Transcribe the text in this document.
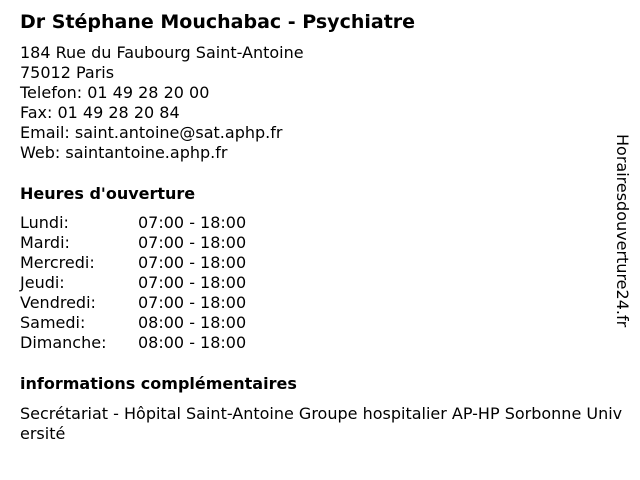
Dr Stéphane Mouchabac - Psychiatre
184 Rue du Faubourg Saint-Antoine
75012 Paris
Telefon: 01 49 28 20 00
Fax: 01 49 28 20 84
Email: saint.antoine@sat.aphp.fr
Web: saintantoine.aphp.fr
Heures d'ouverture
Lundi:	07:00 - 18:00
Mardi:	07:00 - 18:00
Mercredi:	07:00 - 18:00
Jeudi:	07:00 - 18:00
Vendredi:	07:00 - 18:00
Samedi:	08:00 - 18:00
Dimanche:	08:00 - 18:00
informations complémentaires
Secrétariat - Hôpital Saint-Antoine Groupe hospitalier AP-HP Sorbonne Université
Horairesdouverture24.fr
